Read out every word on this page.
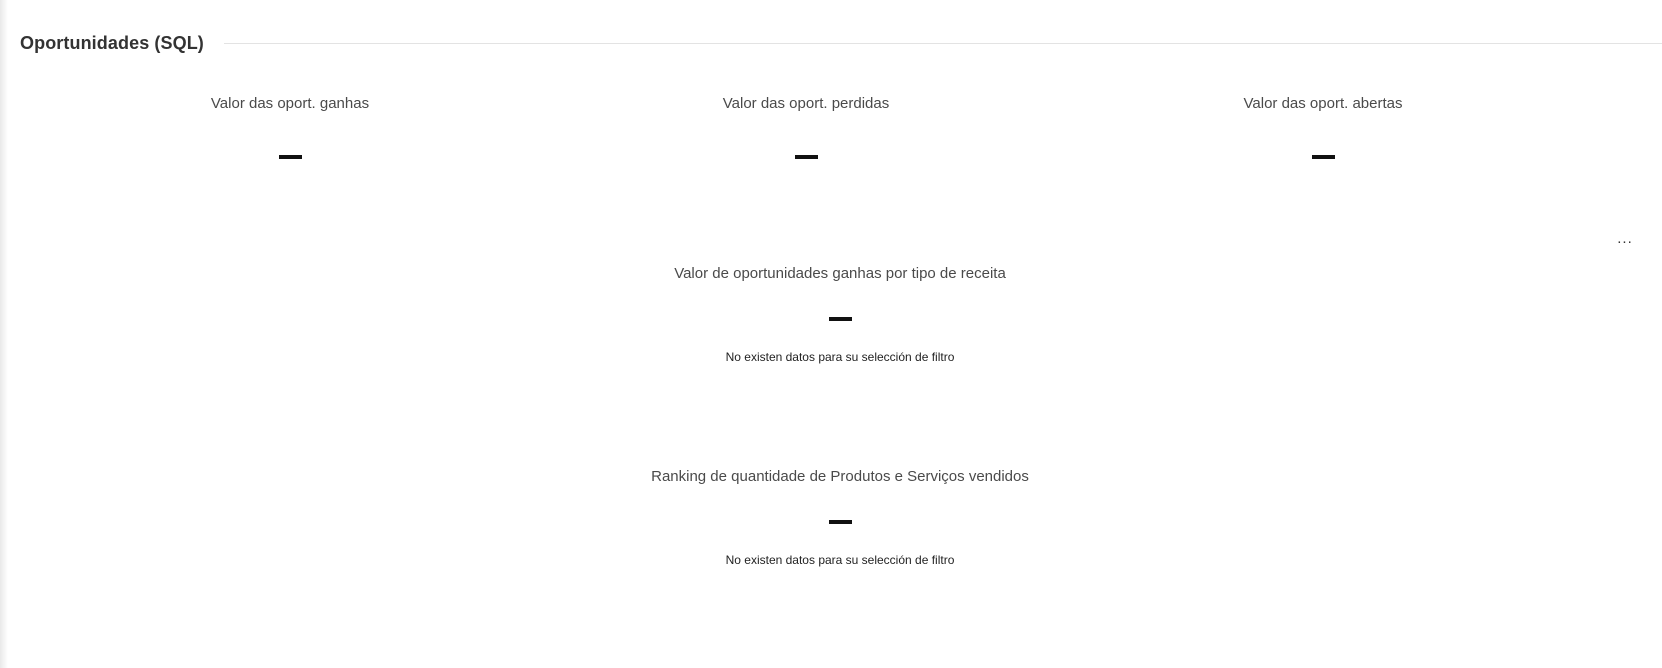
Oportunidades (SQL)
Valor das oport. ganhas	Valor das oport. perdidas	Valor das oport. abertas
...
Valor de oportunidades ganhas por tipo de receita
No existen datos para su selección de filtro
Ranking de quantidade de Produtos e Serviços vendidos
No existen datos para su selección de filtro
